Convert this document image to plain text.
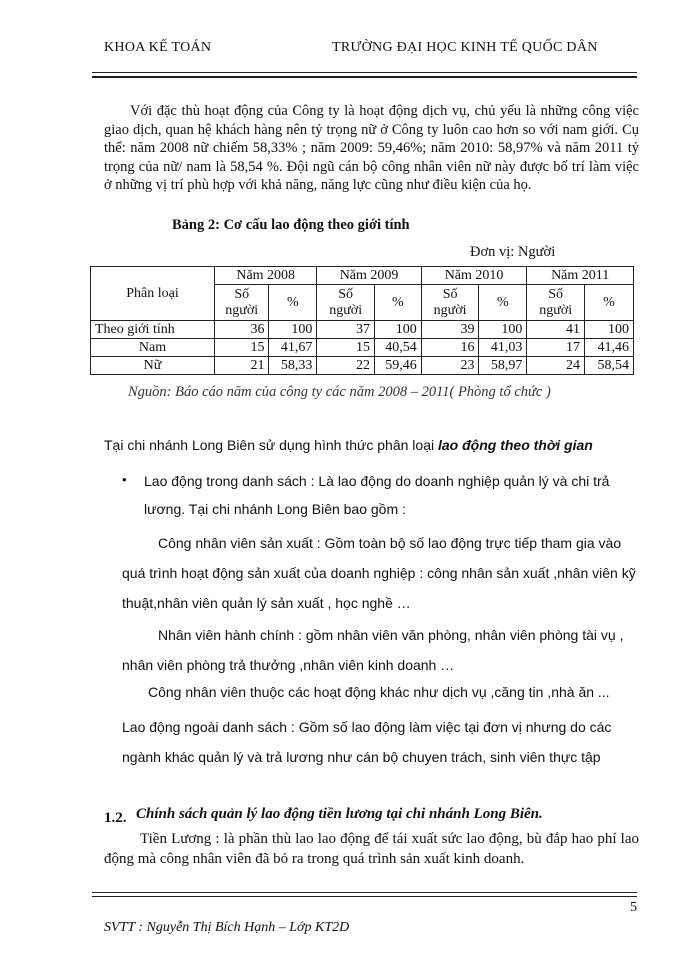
KHOA KẾ TOÁN	TRƯỜNG ĐẠI HỌC KINH TẾ QUỐC DÂN
Với đặc thù hoạt động của Công ty là hoạt động dịch vụ, chủ yếu là những công việc giao dịch, quan hệ khách hàng nên tỷ trọng nữ ở Công ty luôn cao hơn so với nam giới. Cụ thể: năm 2008 nữ chiếm 58,33% ; năm 2009: 59,46%; năm 2010: 58,97% và năm 2011 tỷ trọng của nữ/ nam là 58,54 %. Đội ngũ cán bộ công nhân viên nữ này được bố trí làm việc ở những vị trí phù hợp với khả năng, năng lực cũng như điều kiện của họ.
Bảng 2: Cơ cấu lao động theo giới tính
Đơn vị: Người
Phân loại	Năm 2008		Năm 2009		Năm 2010		Năm 2011	
	Số người	%	Số người	%	Số người	%	Số người	%
Theo giới tính	36	100	37	100	39	100	41	100
Nam	15	41,67	15	40,54	16	41,03	17	41,46
Nữ	21	58,33	22	59,46	23	58,97	24	58,54
Nguồn: Báo cáo năm của công ty các năm 2008 – 2011( Phòng tổ chức )
Tại chi nhánh Long Biên sử dụng hình thức phân loại lao động theo thời gian
• Lao động trong danh sách : Là lao động do doanh nghiệp quản lý và chi trả lương. Tại chi nhánh Long Biên bao gồm :
Công nhân viên sản xuất : Gồm toàn bộ số lao động trực tiếp tham gia vào quá trình hoạt động sản xuất của doanh nghiệp : công nhân sản xuất ,nhân viên kỹ thuật,nhân viên quản lý sản xuất , học nghề …
Nhân viên hành chính : gồm nhân viên văn phòng, nhân viên phòng tài vụ , nhân viên phòng trả thưởng ,nhân viên kinh doanh …
Công nhân viên thuộc các hoạt động khác như dịch vụ ,căng tin ,nhà ăn ...
Lao động ngoài danh sách : Gồm số lao động làm việc tại đơn vị nhưng do các ngành khác quản lý và trả lương như cán bộ chuyen trách, sinh viên thực tập
1.2. Chính sách quản lý lao động tiền lương tại chi nhánh Long Biên.
Tiền Lương : là phần thù lao lao động để tái xuất sức lao động, bù đắp hao phí lao động mà công nhân viên đã bỏ ra trong quá trình sản xuất kinh doanh.
5
SVTT : Nguyễn Thị Bích Hạnh – Lớp KT2D
